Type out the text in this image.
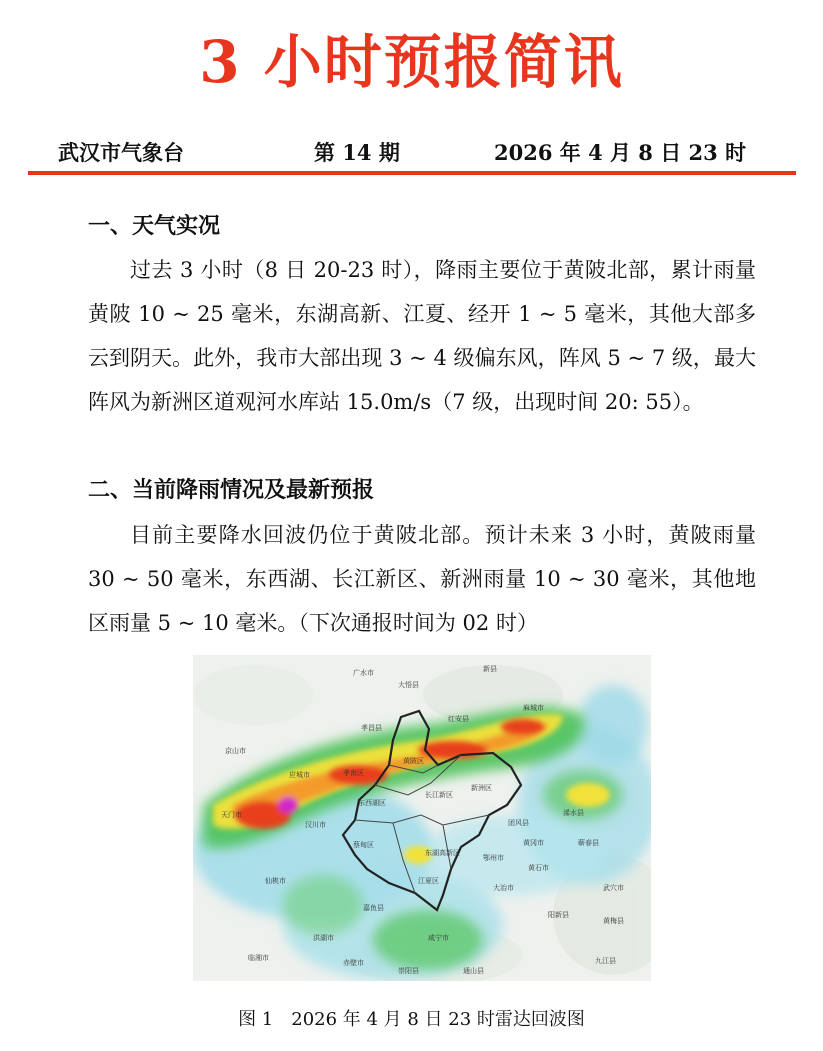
3 小时预报简讯
武汉市气象台	第 14 期	2026 年 4 月 8 日 23 时
一、天气实况

过去 3 小时（8 日 20-23 时），降雨主要位于黄陂北部，累计雨量黄陂 10 ~ 25 毫米，东湖高新、江夏、经开 1 ~ 5 毫米，其他大部多云到阴天。此外，我市大部出现 3 ~ 4 级偏东风，阵风 5 ~ 7 级，最大阵风为新洲区道观河水库站 15.0m/s（7 级，出现时间 20: 55）。

二、当前降雨情况及最新预报

目前主要降水回波仍位于黄陂北部。预计未来 3 小时，黄陂雨量 30 ~ 50 毫米，东西湖、长江新区、新洲雨量 10 ~ 30 毫米，其他地区雨量 5 ~ 10 毫米。（下次通报时间为 02 时）

广水市
大悟县
新县
京山市
孝昌县
红安县
麻城市
黄陂区
新洲区
应城市	孝南区
东西湖区
长江新区
天门市
汉川市
东湖高新区
团风县
蔡甸区
江夏区
鄂州市
黄冈市
仙桃市
嘉鱼县
咸宁市
大冶市
洪湖市
赤壁市
黄石市
阳新县
浠水县
蕲春县
武穴市
黄梅县
九江县
通山县
崇阳县
临湘市
图 1　2026 年 4 月 8 日 23 时雷达回波图
